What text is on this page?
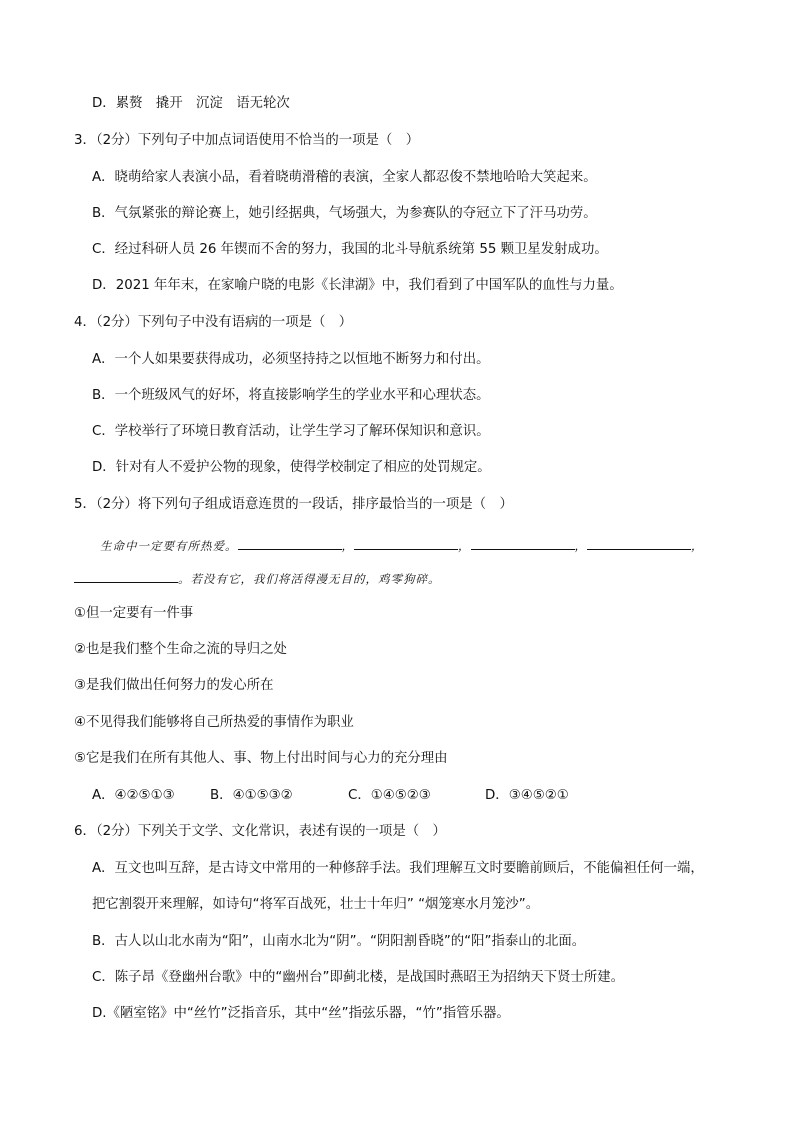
D．累赘　撬开　沉淀　语无轮次
3．（2分）下列句子中加点词语使用不恰当的一项是（　）
A．晓萌给家人表演小品，看着晓萌滑稽的表演，全家人都忍俊不禁地哈哈大笑起来。
B．气氛紧张的辩论赛上，她引经据典，气场强大，为参赛队的夺冠立下了汗马功劳。
C．经过科研人员 26 年锲而不舍的努力，我国的北斗导航系统第 55 颗卫星发射成功。
D．2021 年年末，在家喻户晓的电影《长津湖》中，我们看到了中国军队的血性与力量。
4．（2分）下列句子中没有语病的一项是（　）
A．一个人如果要获得成功，必须坚持持之以恒地不断努力和付出。
B．一个班级风气的好坏，将直接影响学生的学业水平和心理状态。
C．学校举行了环境日教育活动，让学生学习了解环保知识和意识。
D．针对有人不爱护公物的现象，使得学校制定了相应的处罚规定。
5．（2分）将下列句子组成语意连贯的一段话，排序最恰当的一项是（　）
生命中一定要有所热爱。	，	，	，	，
。若没有它，我们将活得漫无目的，鸡零狗碎。
①但一定要有一件事
②也是我们整个生命之流的导归之处
③是我们做出任何努力的发心所在
④不见得我们能够将自己所热爱的事情作为职业
⑤它是我们在所有其他人、事、物上付出时间与心力的充分理由
A．④②⑤①③	B．④①⑤③②	C．①④⑤②③	D．③④⑤②①
6．（2分）下列关于文学、文化常识，表述有误的一项是（　）
A．互文也叫互辞，是古诗文中常用的一种修辞手法。我们理解互文时要瞻前顾后，不能偏袒任何一端，
把它割裂开来理解，如诗句“将军百战死，壮士十年归” “烟笼寒水月笼沙”。
B．古人以山北水南为“阳”，山南水北为“阴”。“阴阳割昏晓”的“阳”指泰山的北面。
C．陈子昂《登幽州台歌》中的“幽州台”即蓟北楼，是战国时燕昭王为招纳天下贤士所建。
D.《陋室铭》中“丝竹”泛指音乐，其中“丝”指弦乐器，“竹”指管乐器。
